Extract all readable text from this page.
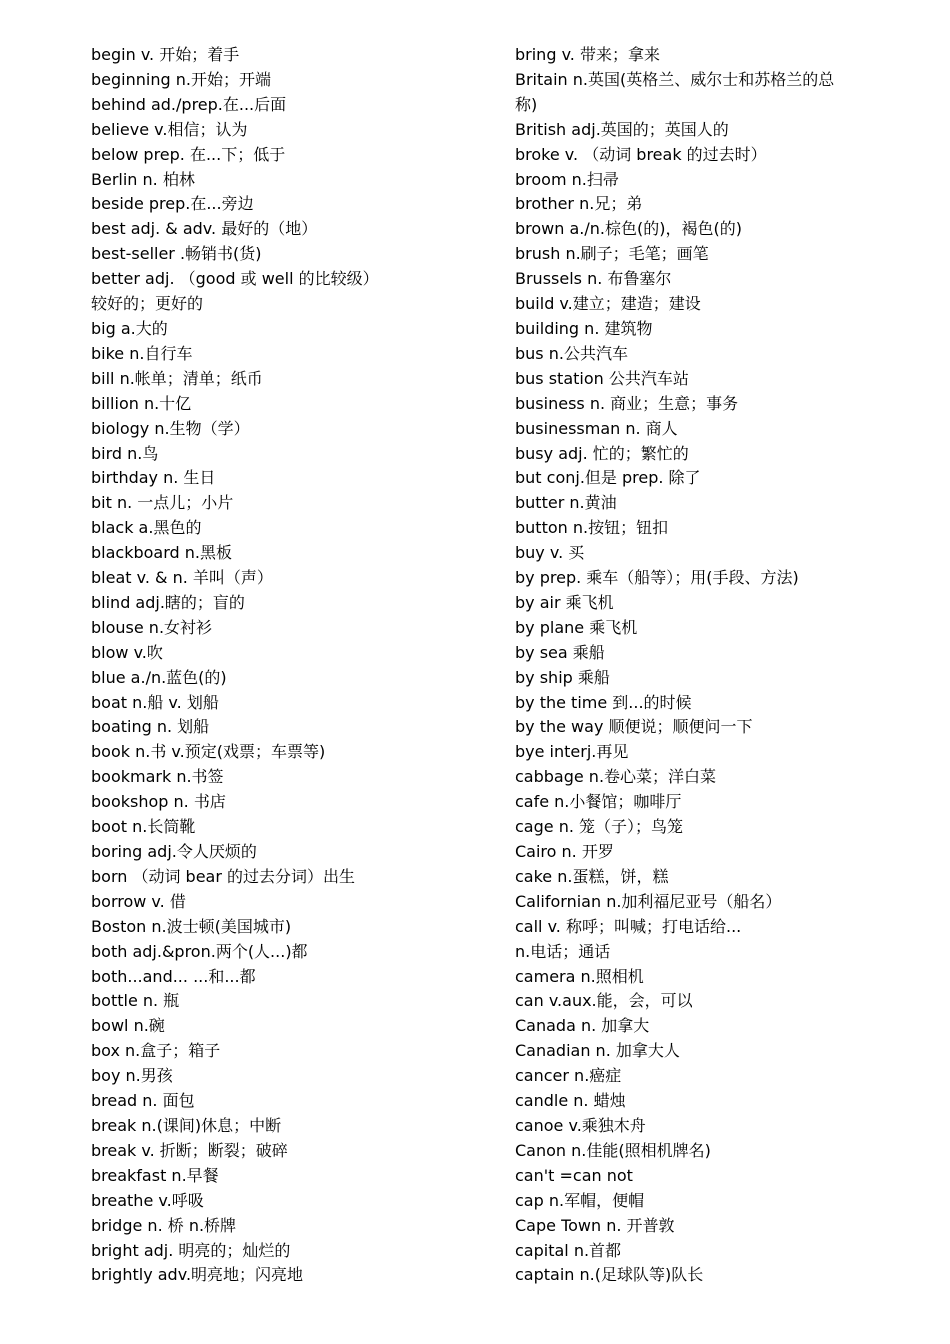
begin v. 开始；着手
beginning n.开始；开端
behind ad./prep.在...后面
believe v.相信；认为
below prep. 在...下；低于
Berlin n. 柏林
beside prep.在...旁边
best adj. & adv. 最好的（地）
best-seller .畅销书(货)
better adj. （good 或 well 的比较级）
较好的；更好的
big a.大的
bike n.自行车
bill n.帐单；清单；纸币
billion n.十亿
biology n.生物（学）
bird n.鸟
birthday n. 生日
bit n. 一点儿；小片
black a.黑色的
blackboard n.黑板
bleat v. & n. 羊叫（声）
blind adj.瞎的；盲的
blouse n.女衬衫
blow v.吹
blue a./n.蓝色(的)
boat n.船 v. 划船
boating n. 划船
book n.书 v.预定(戏票；车票等)
bookmark n.书签
bookshop n. 书店
boot n.长筒靴
boring adj.令人厌烦的
born （动词 bear 的过去分词）出生
borrow v. 借
Boston n.波士顿(美国城市)
both adj.&pron.两个(人...)都
both...and... ...和...都
bottle n. 瓶
bowl n.碗
box n.盒子；箱子
boy n.男孩
bread n. 面包
break n.(课间)休息；中断
break v. 折断；断裂；破碎
breakfast n.早餐
breathe v.呼吸
bridge n. 桥 n.桥牌
bright adj. 明亮的；灿烂的
brightly adv.明亮地；闪亮地
bring v. 带来；拿来
Britain n.英国(英格兰、威尔士和苏格兰的总称)
British adj.英国的；英国人的
broke v. （动词 break 的过去时）
broom n.扫帚
brother n.兄；弟
brown a./n.棕色(的)，褐色(的)
brush n.刷子；毛笔；画笔
Brussels n. 布鲁塞尔
build v.建立；建造；建设
building n. 建筑物
bus n.公共汽车
bus station 公共汽车站
business n. 商业；生意；事务
businessman n. 商人
busy adj. 忙的；繁忙的
but conj.但是 prep. 除了
butter n.黄油
button n.按钮；钮扣
buy v. 买
by prep. 乘车（船等）；用(手段、方法)
by air 乘飞机
by plane 乘飞机
by sea 乘船
by ship 乘船
by the time 到...的时候
by the way 顺便说；顺便问一下
bye interj.再见
cabbage n.卷心菜；洋白菜
cafe n.小餐馆；咖啡厅
cage n. 笼（子）；鸟笼
Cairo n. 开罗
cake n.蛋糕，饼，糕
Californian n.加利福尼亚号（船名）
call v. 称呼；叫喊；打电话给...
n.电话；通话
camera n.照相机
can v.aux.能，会，可以
Canada n. 加拿大
Canadian n. 加拿大人
cancer n.癌症
candle n. 蜡烛
canoe v.乘独木舟
Canon n.佳能(照相机牌名)
can't =can not
cap n.军帽，便帽
Cape Town n. 开普敦
capital n.首都
captain n.(足球队等)队长
